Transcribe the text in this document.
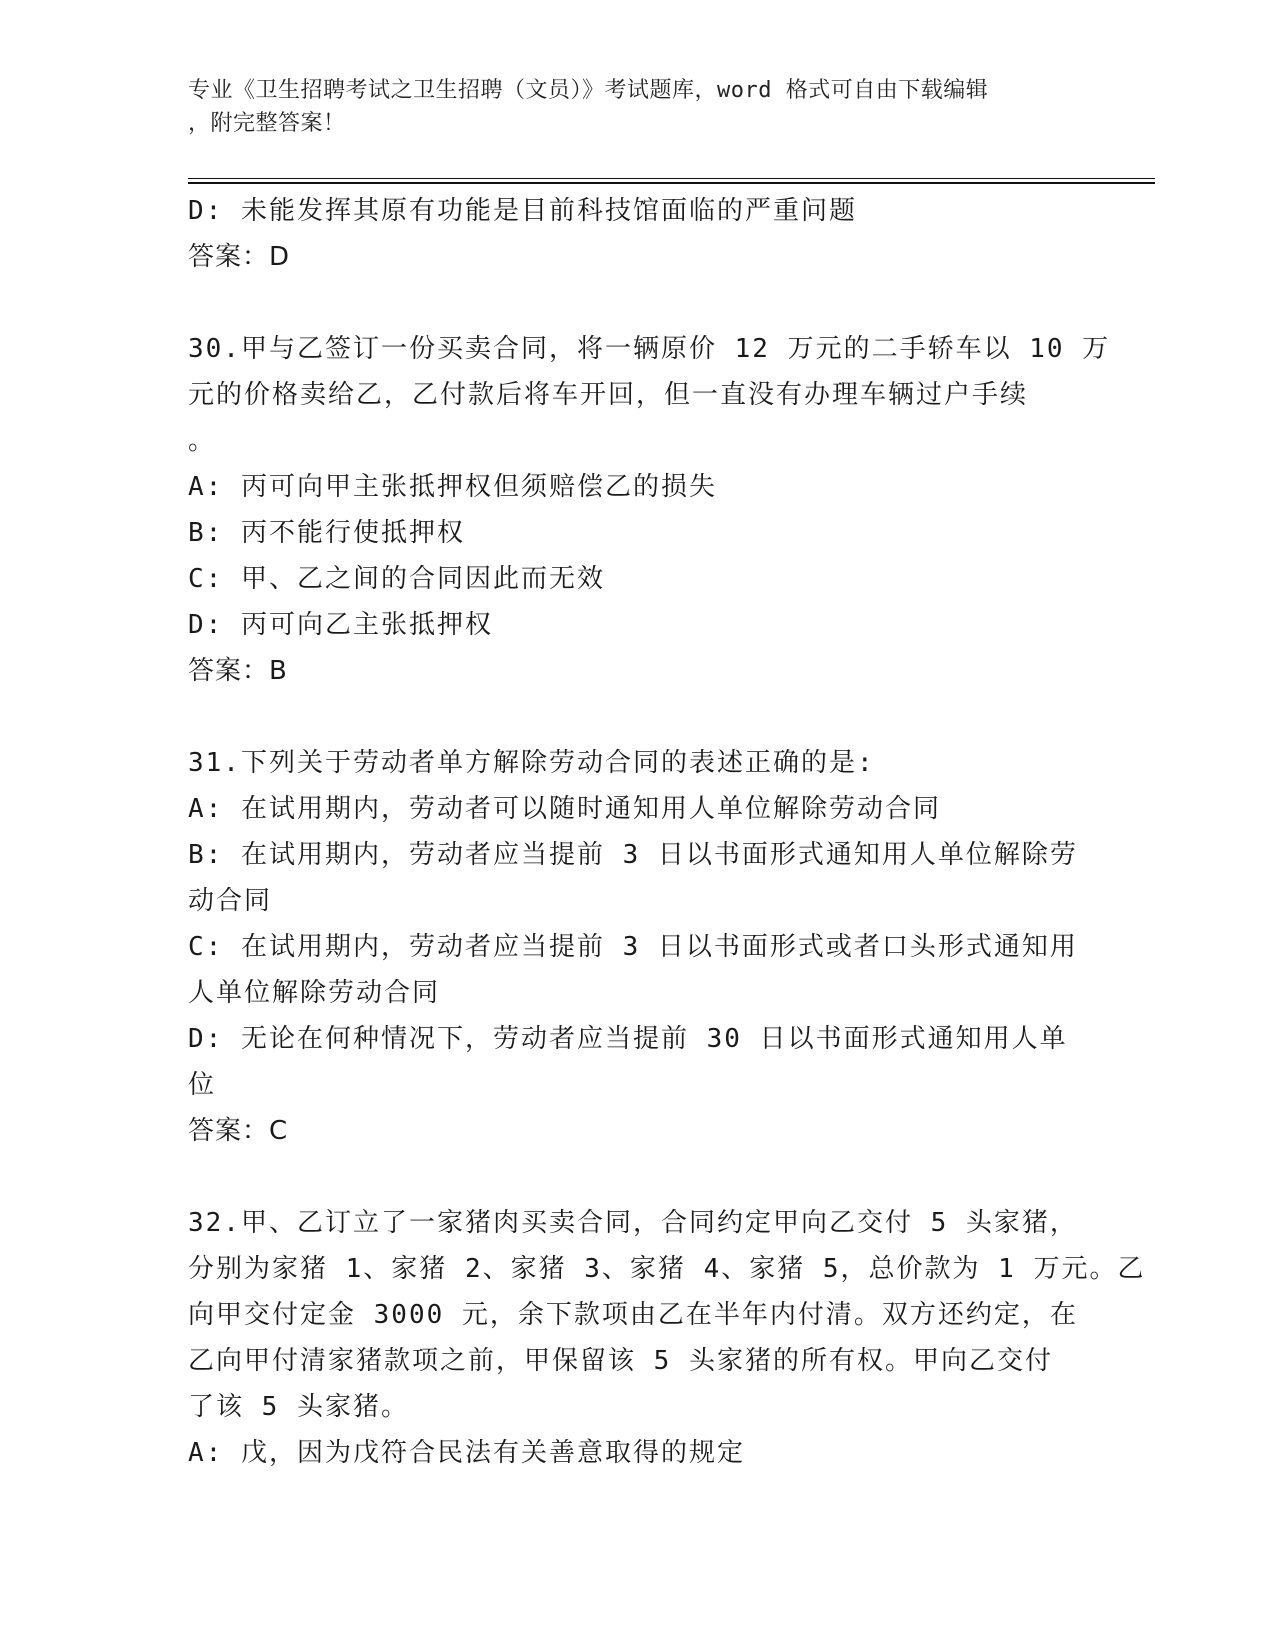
专业《卫生招聘考试之卫生招聘（文员）》考试题库，word 格式可自由下载编辑
，附完整答案！
D: 未能发挥其原有功能是目前科技馆面临的严重问题
答案：D
30.甲与乙签订一份买卖合同，将一辆原价 12 万元的二手轿车以 10 万
元的价格卖给乙，乙付款后将车开回，但一直没有办理车辆过户手续
。
A: 丙可向甲主张抵押权但须赔偿乙的损失
B: 丙不能行使抵押权
C: 甲、乙之间的合同因此而无效
D: 丙可向乙主张抵押权
答案：B
31.下列关于劳动者单方解除劳动合同的表述正确的是:
A: 在试用期内，劳动者可以随时通知用人单位解除劳动合同
B: 在试用期内，劳动者应当提前 3 日以书面形式通知用人单位解除劳
动合同
C: 在试用期内，劳动者应当提前 3 日以书面形式或者口头形式通知用
人单位解除劳动合同
D: 无论在何种情况下，劳动者应当提前 30 日以书面形式通知用人单
位
答案：C
32.甲、乙订立了一家猪肉买卖合同，合同约定甲向乙交付 5 头家猪，
分别为家猪 1、家猪 2、家猪 3、家猪 4、家猪 5，总价款为 1 万元。乙
向甲交付定金 3000 元，余下款项由乙在半年内付清。双方还约定，在
乙向甲付清家猪款项之前，甲保留该 5 头家猪的所有权。甲向乙交付
了该 5 头家猪。
A: 戊，因为戊符合民法有关善意取得的规定
